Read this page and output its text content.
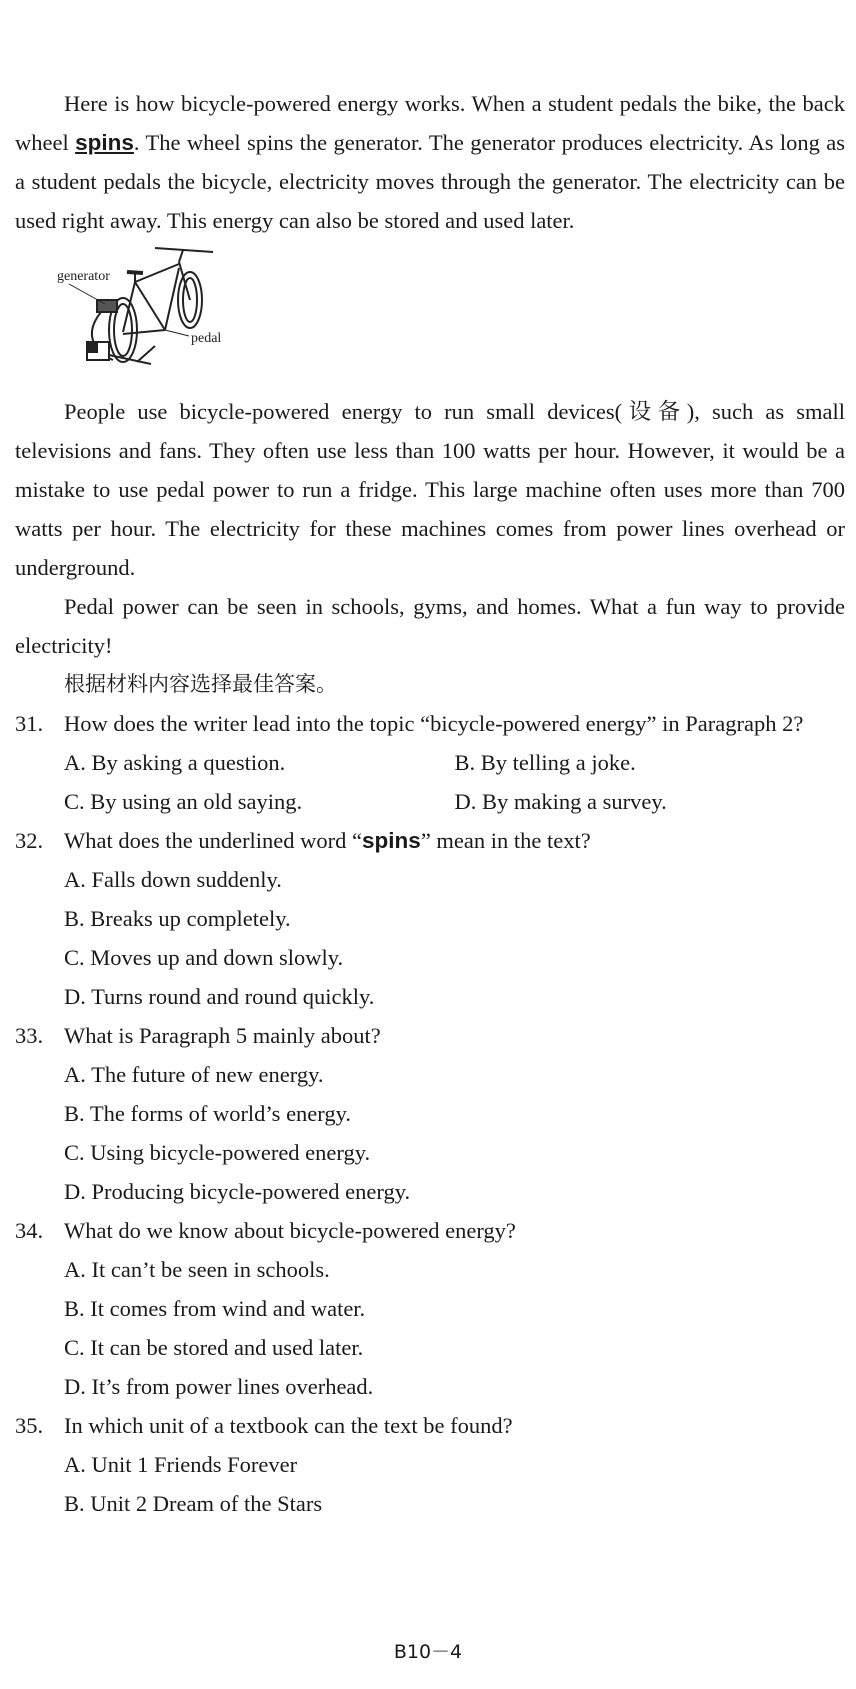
Here is how bicycle-powered energy works. When a student pedals the bike, the back wheel spins. The wheel spins the generator. The generator produces electricity. As long as a student pedals the bicycle, electricity moves through the generator. The electricity can be used right away. This energy can also be stored and used later.

generator
pedal

People use bicycle-powered energy to run small devices(设备), such as small televisions and fans. They often use less than 100 watts per hour. However, it would be a mistake to use pedal power to run a fridge. This large machine often uses more than 700 watts per hour. The electricity for these machines comes from power lines overhead or underground.

Pedal power can be seen in schools, gyms, and homes. What a fun way to provide electricity!

根据材料内容选择最佳答案。
31. How does the writer lead into the topic “bicycle-powered energy” in Paragraph 2?
A. By asking a question.	B. By telling a joke.
C. By using an old saying.	D. By making a survey.
32. What does the underlined word “spins” mean in the text?
A. Falls down suddenly.
B. Breaks up completely.
C. Moves up and down slowly.
D. Turns round and round quickly.
33. What is Paragraph 5 mainly about?
A. The future of new energy.
B. The forms of world’s energy.
C. Using bicycle-powered energy.
D. Producing bicycle-powered energy.
34. What do we know about bicycle-powered energy?
A. It can’t be seen in schools.
B. It comes from wind and water.
C. It can be stored and used later.
D. It’s from power lines overhead.
35. In which unit of a textbook can the text be found?
A. Unit 1 Friends Forever
B. Unit 2 Dream of the Stars
B10－4
